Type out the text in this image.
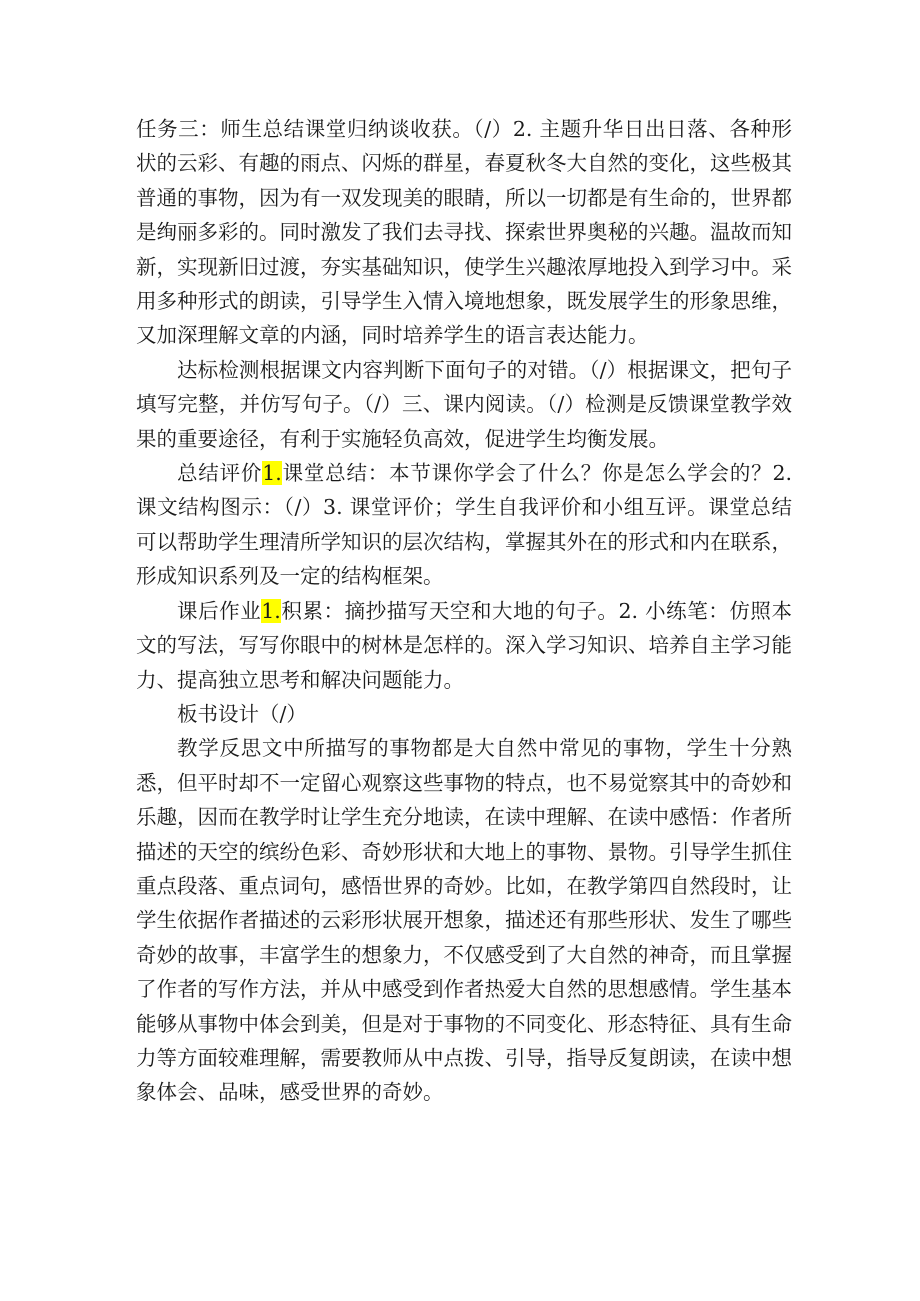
任务三：师生总结课堂归纳谈收获。（/）2. 主题升华日出日落、各种形状的云彩、有趣的雨点、闪烁的群星，春夏秋冬大自然的变化，这些极其普通的事物，因为有一双发现美的眼睛，所以一切都是有生命的，世界都是绚丽多彩的。同时激发了我们去寻找、探索世界奥秘的兴趣。温故而知新，实现新旧过渡，夯实基础知识，使学生兴趣浓厚地投入到学习中。采用多种形式的朗读，引导学生入情入境地想象，既发展学生的形象思维，又加深理解文章的内涵，同时培养学生的语言表达能力。

达标检测根据课文内容判断下面句子的对错。（/）根据课文，把句子填写完整，并仿写句子。（/）三、课内阅读。（/）检测是反馈课堂教学效果的重要途径，有利于实施轻负高效，促进学生均衡发展。

总结评价1.课堂总结：本节课你学会了什么？你是怎么学会的？2. 课文结构图示：（/）3. 课堂评价；学生自我评价和小组互评。课堂总结可以帮助学生理清所学知识的层次结构，掌握其外在的形式和内在联系，形成知识系列及一定的结构框架。

课后作业1.积累：摘抄描写天空和大地的句子。2. 小练笔：仿照本文的写法，写写你眼中的树林是怎样的。深入学习知识、培养自主学习能力、提高独立思考和解决问题能力。

板书设计（/）

教学反思文中所描写的事物都是大自然中常见的事物，学生十分熟悉，但平时却不一定留心观察这些事物的特点，也不易觉察其中的奇妙和乐趣，因而在教学时让学生充分地读，在读中理解、在读中感悟：作者所描述的天空的缤纷色彩、奇妙形状和大地上的事物、景物。引导学生抓住重点段落、重点词句，感悟世界的奇妙。比如，在教学第四自然段时，让学生依据作者描述的云彩形状展开想象，描述还有那些形状、发生了哪些奇妙的故事，丰富学生的想象力，不仅感受到了大自然的神奇，而且掌握了作者的写作方法，并从中感受到作者热爱大自然的思想感情。学生基本能够从事物中体会到美，但是对于事物的不同变化、形态特征、具有生命力等方面较难理解，需要教师从中点拨、引导，指导反复朗读，在读中想象体会、品味，感受世界的奇妙。
